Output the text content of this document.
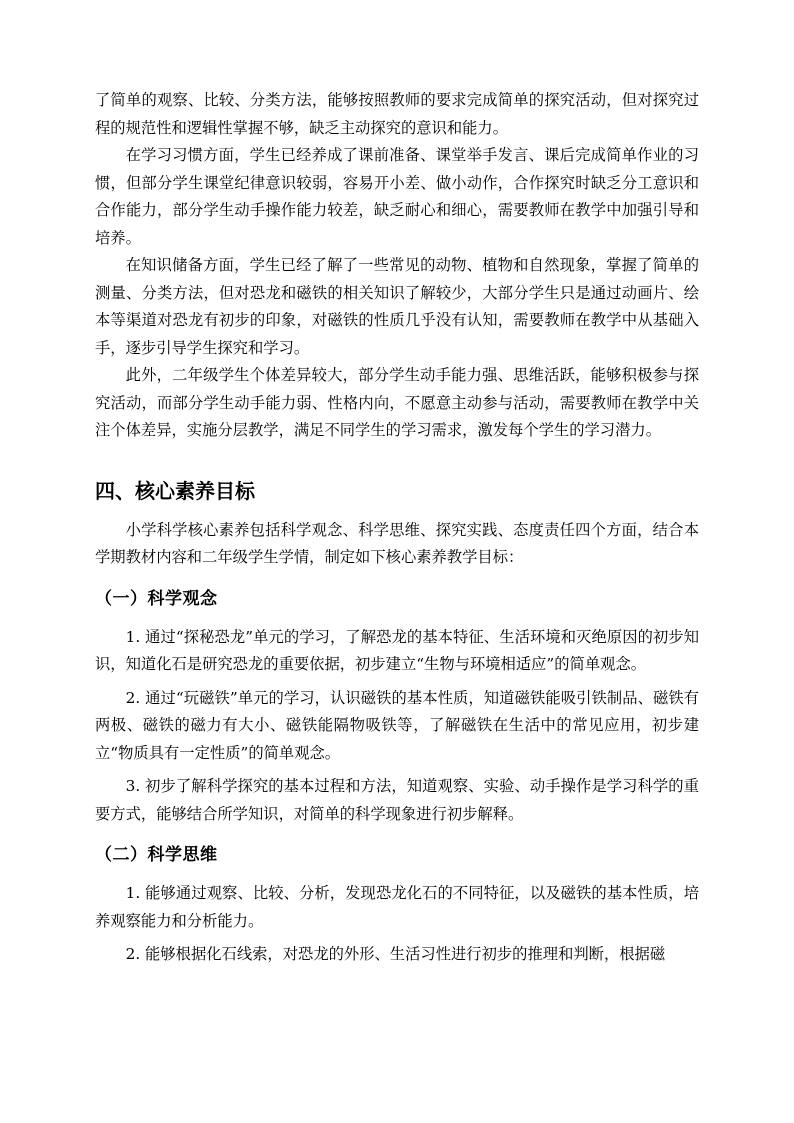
了简单的观察、比较、分类方法，能够按照教师的要求完成简单的探究活动，但对探究过程的规范性和逻辑性掌握不够，缺乏主动探究的意识和能力。

在学习习惯方面，学生已经养成了课前准备、课堂举手发言、课后完成简单作业的习惯，但部分学生课堂纪律意识较弱，容易开小差、做小动作，合作探究时缺乏分工意识和合作能力，部分学生动手操作能力较差，缺乏耐心和细心，需要教师在教学中加强引导和培养。

在知识储备方面，学生已经了解了一些常见的动物、植物和自然现象，掌握了简单的测量、分类方法，但对恐龙和磁铁的相关知识了解较少，大部分学生只是通过动画片、绘本等渠道对恐龙有初步的印象，对磁铁的性质几乎没有认知，需要教师在教学中从基础入手，逐步引导学生探究和学习。

此外，二年级学生个体差异较大，部分学生动手能力强、思维活跃，能够积极参与探究活动，而部分学生动手能力弱、性格内向，不愿意主动参与活动，需要教师在教学中关注个体差异，实施分层教学，满足不同学生的学习需求，激发每个学生的学习潜力。

四、核心素养目标

小学科学核心素养包括科学观念、科学思维、探究实践、态度责任四个方面，结合本学期教材内容和二年级学生学情，制定如下核心素养教学目标：

（一）科学观念

1. 通过“探秘恐龙”单元的学习，了解恐龙的基本特征、生活环境和灭绝原因的初步知识，知道化石是研究恐龙的重要依据，初步建立“生物与环境相适应”的简单观念。

2. 通过“玩磁铁”单元的学习，认识磁铁的基本性质，知道磁铁能吸引铁制品、磁铁有两极、磁铁的磁力有大小、磁铁能隔物吸铁等，了解磁铁在生活中的常见应用，初步建立“物质具有一定性质”的简单观念。

3. 初步了解科学探究的基本过程和方法，知道观察、实验、动手操作是学习科学的重要方式，能够结合所学知识，对简单的科学现象进行初步解释。

（二）科学思维

1. 能够通过观察、比较、分析，发现恐龙化石的不同特征，以及磁铁的基本性质，培养观察能力和分析能力。

2. 能够根据化石线索，对恐龙的外形、生活习性进行初步的推理和判断，根据磁
